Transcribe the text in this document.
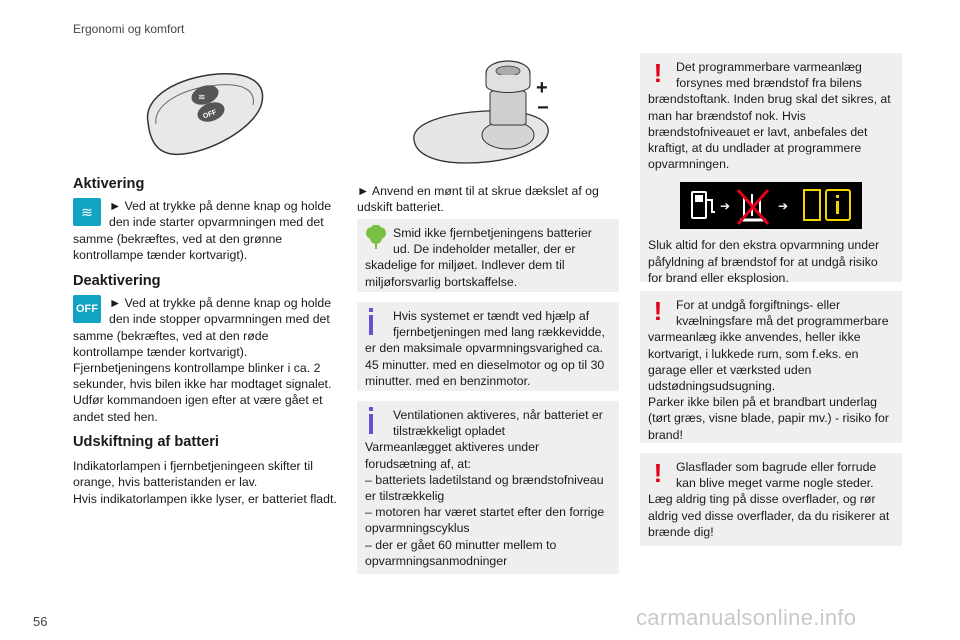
Ergonomi og komfort
≋
OFF
Aktivering
≋	► Ved at trykke på denne knap og holde den inde starter opvarmningen med det samme (bekræftes, ved at den grønne kontrollampe tænder kortvarigt).

Deaktivering
OFF ► Ved at trykke på denne knap og holde den inde stopper opvarmningen med det samme (bekræftes, ved at den røde kontrollampe tænder kortvarigt).

Fjernbetjeningens kontrollampe blinker i ca. 2 sekunder, hvis bilen ikke har modtaget signalet. Udfør kommandoen igen efter at være gået et andet sted hen.

Udskiftning af batteri

Indikatorlampen i fjernbetjeningeen skifter til orange, hvis batteristanden er lav.

Hvis indikatorlampen ikke lyser, er batteriet fladt.

+
−

► Anvend en mønt til at skrue dækslet af og udskift batteriet.

Smid ikke fjernbetjeningens batterier ud. De indeholder metaller, der er skadelige for miljøet. Indlever dem til miljøforsvarlig bortskaffelse.

Hvis systemet er tændt ved hjælp af fjernbetjeningen med lang rækkevidde, er den maksimale opvarmningsvarighed ca. 45 minutter. med en dieselmotor og op til 30 minutter. med en benzinmotor.

Ventilationen aktiveres, når batteriet er tilstrækkeligt opladet

Varmeanlægget aktiveres under forudsætning af, at:

– batteriets ladetilstand og brændstofniveau er tilstrækkelig

– motoren har været startet efter den forrige opvarmningscyklus

– der er gået 60 minutter mellem to opvarmningsanmodninger

!	Det programmerbare varmeanlæg forsynes med brændstof fra bilens brændstoftank. Inden brug skal det sikres, at man har brændstof nok. Hvis brændstofniveauet er lavt, anbefales det kraftigt, at du undlader at programmere opvarmningen.

➔	➔

Sluk altid for den ekstra opvarmning under påfyldning af brændstof for at undgå risiko for brand eller eksplosion.

!	For at undgå forgiftnings- eller kvælningsfare må det programmerbare varmeanlæg ikke anvendes, heller ikke kortvarigt, i lukkede rum, som f.eks. en garage eller et værksted uden udstødningsudsugning.

Parker ikke bilen på et brandbart underlag (tørt græs, visne blade, papir mv.) - risiko for brand!

!	Glasflader som bagrude eller forrude kan blive meget varme nogle steder.

Læg aldrig ting på disse overflader, og rør aldrig ved disse overflader, da du risikerer at brænde dig!

56	carmanualsonline.info
